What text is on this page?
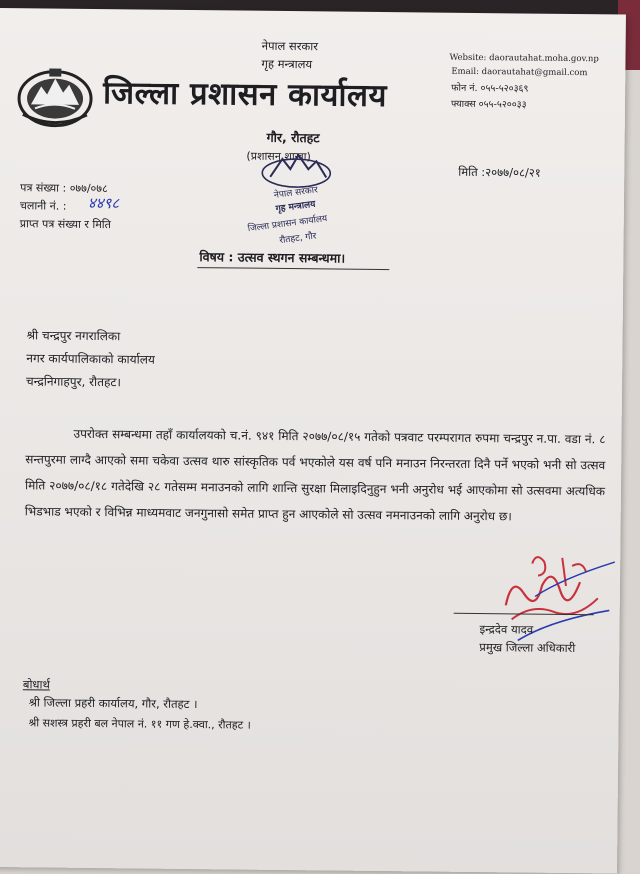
नेपाल सरकार
गृह मन्त्रालय
जिल्ला प्रशासन कार्यालय
Website: daorautahat.moha.gov.np
Email: daorautahat@gmail.com
फोन नं. ०५५-५२०३६९
फ्याक्स ०५५-५२००३३
गौर, रौतहट
(प्रशासन शाखा)
नेपाल सरकार
गृह मन्त्रालय
जिल्ला प्रशासन कार्यालय
रौतहट, गौर
पत्र संख्या : ०७७/०७८
चलानी नं. : ४४९८
प्राप्त पत्र संख्या र मिति
मिति :२०७७/०८/२१
विषय : उत्सव स्थगन सम्बन्धमा।
श्री चन्द्रपुर नगरालिका
नगर कार्यपालिकाको कार्यालय
चन्द्रनिगाहपुर, रौतहट।
उपरोक्त सम्बन्धमा तहाँ कार्यालयको च.नं. ९४१ मिति २०७७/०८/१५ गतेको पत्रवाट परम्परागत रुपमा चन्द्रपुर न.पा. वडा नं. ८ सन्तपुरमा लाग्दै आएको समा चकेवा उत्सव थारु सांस्कृतिक पर्व भएकोले यस वर्ष पनि मनाउन निरन्तरता दिनै पर्ने भएको भनी सो उत्सव मिति २०७७/०८/१८ गतेदेखि २८ गतेसम्म मनाउनको लागि शान्ति सुरक्षा मिलाइदिनुहुन भनी अनुरोध भई आएकोमा सो उत्सवमा अत्यधिक भिडभाड भएको र विभिन्न माध्यमवाट जनगुनासो समेत प्राप्त हुन आएकोले सो उत्सव नमनाउनको लागि अनुरोध छ।
इन्द्रदेव यादव
प्रमुख जिल्ला अधिकारी
बोधार्थ
श्री जिल्ला प्रहरी कार्यालय, गौर, रौतहट ।
श्री सशस्त्र प्रहरी बल नेपाल नं. ११ गण हे.क्वा., रौतहट ।
